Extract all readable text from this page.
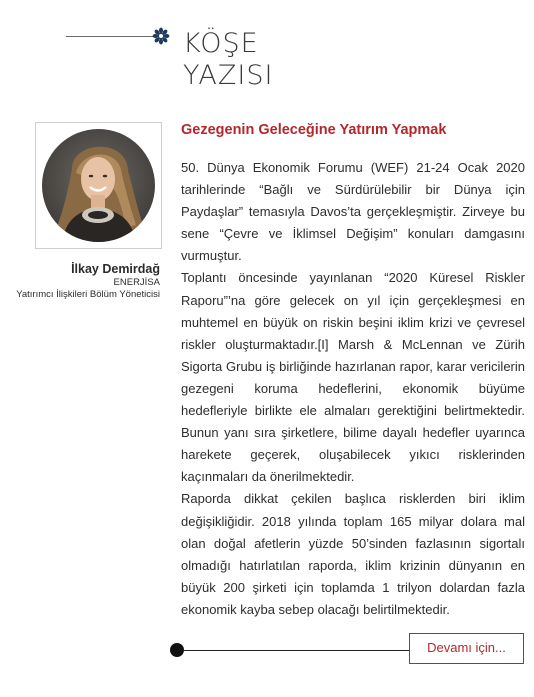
KÖŞE
YAZISI
İlkay Demirdağ
ENERJİSA
Yatırımcı İlişkileri Bölüm Yöneticisi
Gezegenin Geleceğine Yatırım Yapmak

50. Dünya Ekonomik Forumu (WEF) 21-24 Ocak 2020 tarihlerinde “Bağlı ve Sürdürülebilir bir Dünya için Paydaşlar” temasıyla Davos’ta gerçekleşmiştir. Zirveye bu sene “Çevre ve İklimsel Değişim” konuları damgasını vurmuştur.

Toplantı öncesinde yayınlanan “2020 Küresel Riskler Raporu”’na göre gelecek on yıl için gerçekleşmesi en muhtemel en büyük on riskin beşini iklim krizi ve çevresel riskler oluşturmaktadır.[I] Marsh & McLennan ve Zürih Sigorta Grubu iş birliğinde hazırlanan rapor, karar vericilerin gezegeni koruma hedeflerini, ekonomik büyüme hedefleriyle birlikte ele almaları gerektiğini belirtmektedir. Bunun yanı sıra şirketlere, bilime dayalı hedefler uyarınca harekete geçerek, oluşabilecek yıkıcı risklerinden kaçınmaları da önerilmektedir.

Raporda dikkat çekilen başlıca risklerden biri iklim değişikliğidir. 2018 yılında toplam 165 milyar dolara mal olan doğal afetlerin yüzde 50’sinden fazlasının sigortalı olmadığı hatırlatılan raporda, iklim krizinin dünyanın en büyük 200 şirketi için toplamda 1 trilyon dolardan fazla ekonomik kayba sebep olacağı belirtilmektedir.

Devamı için...
